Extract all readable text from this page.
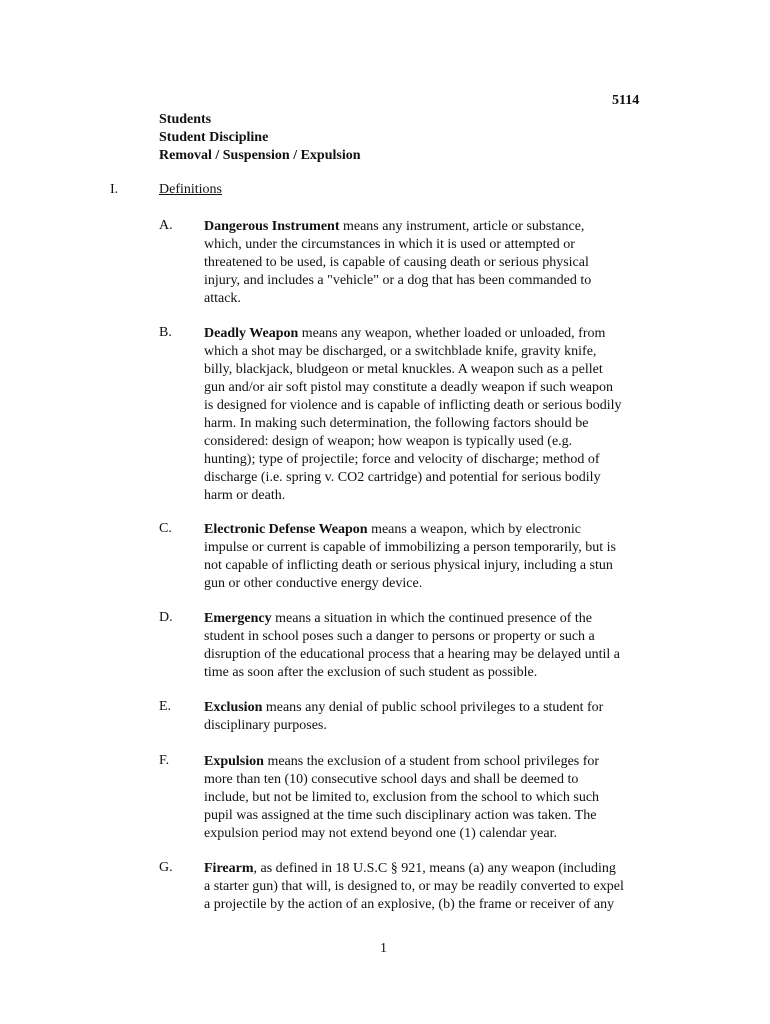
5114
Students
Student Discipline
Removal / Suspension / Expulsion
I.	Definitions
A. Dangerous Instrument means any instrument, article or substance,
which, under the circumstances in which it is used or attempted or
threatened to be used, is capable of causing death or serious physical
injury, and includes a "vehicle" or a dog that has been commanded to
attack.
B. Deadly Weapon means any weapon, whether loaded or unloaded, from
which a shot may be discharged, or a switchblade knife, gravity knife,
billy, blackjack, bludgeon or metal knuckles. A weapon such as a pellet
gun and/or air soft pistol may constitute a deadly weapon if such weapon
is designed for violence and is capable of inflicting death or serious bodily
harm. In making such determination, the following factors should be
considered: design of weapon; how weapon is typically used (e.g.
hunting); type of projectile; force and velocity of discharge; method of
discharge (i.e. spring v. CO2 cartridge) and potential for serious bodily
harm or death.
C. Electronic Defense Weapon means a weapon, which by electronic
impulse or current is capable of immobilizing a person temporarily, but is
not capable of inflicting death or serious physical injury, including a stun
gun or other conductive energy device.
D. Emergency means a situation in which the continued presence of the
student in school poses such a danger to persons or property or such a
disruption of the educational process that a hearing may be delayed until a
time as soon after the exclusion of such student as possible.
E. Exclusion means any denial of public school privileges to a student for
disciplinary purposes.
F. Expulsion means the exclusion of a student from school privileges for
more than ten (10) consecutive school days and shall be deemed to
include, but not be limited to, exclusion from the school to which such
pupil was assigned at the time such disciplinary action was taken. The
expulsion period may not extend beyond one (1) calendar year.
G. Firearm, as defined in 18 U.S.C § 921, means (a) any weapon (including
a starter gun) that will, is designed to, or may be readily converted to expel
a projectile by the action of an explosive, (b) the frame or receiver of any
1
